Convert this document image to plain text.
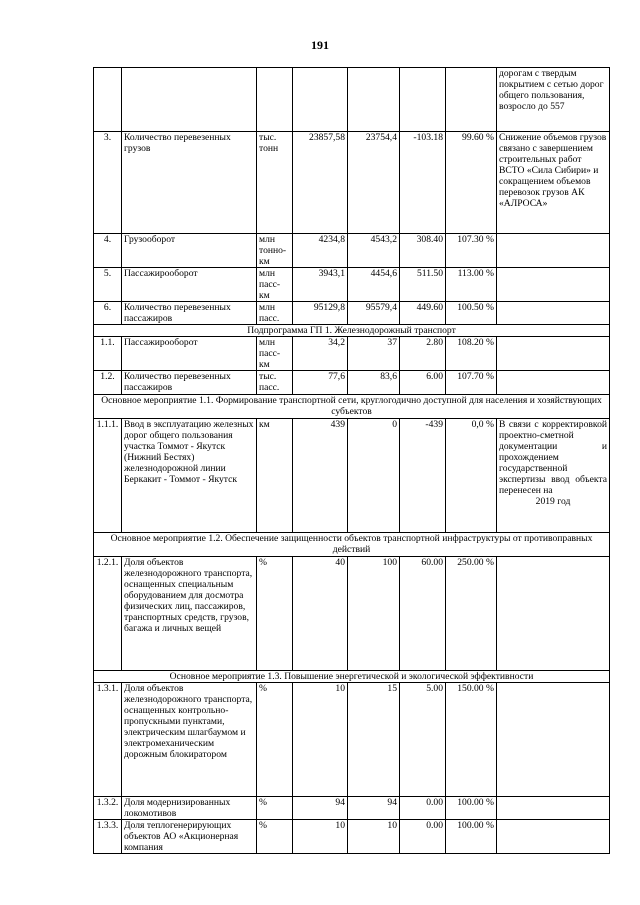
191
							дорогам с твердым покрытием с сетью дорог общего пользования, возросло до 557
3.	Количество перевезенных грузов	тыс. тонн	23857,58	23754,4	-103.18	99.60 %	Снижение объемов грузов связано с завершением строительных работ ВСТО «Сила Сибири» и сокращением объемов перевозок грузов АК «АЛРОСА»
4.	Грузооборот	млн тонно-км	4234,8	4543,2	308.40	107.30 %	
5.	Пассажирооборот	млн пасс-км	3943,1	4454,6	511.50	113.00 %	
6.	Количество перевезенных пассажиров	млн пасс.	95129,8	95579,4	449.60	100.50 %	
Подпрограмма ГП 1. Железнодорожный транспорт							
1.1.	Пассажирооборот	млн пасс-км	34,2	37	2.80	108.20 %	
1.2.	Количество перевезенных пассажиров	тыс. пасс.	77,6	83,6	6.00	107.70 %	
Основное мероприятие 1.1. Формирование транспортной сети, круглогодично доступной для населения и хозяйствующих субъектов							
1.1.1.	Ввод в эксплуатацию железных дорог общего пользования участка Томмот - Якутск (Нижний Бестях) железнодорожной линии Беркакит - Томмот - Якутск	км	439	0	-439	0,0 %	В связи с корректировкой проектно-сметной документации и прохождением государственной экспертизы ввод объекта перенесен на
2019 год

Основное мероприятие 1.2. Обеспечение защищенности объектов транспортной инфраструктуры от противоправных действий							
1.2.1.	Доля объектов железнодорожного транспорта, оснащенных специальным оборудованием для досмотра физических лиц, пассажиров, транспортных средств, грузов, багажа и личных вещей	%	40	100	60.00	250.00 %	
Основное мероприятие 1.3. Повышение энергетической и экологической эффективности							
1.3.1.	Доля объектов железнодорожного транспорта, оснащенных контрольно-пропускными пунктами, электрическим шлагбаумом и электромеханическим дорожным блокиратором	%	10	15	5.00	150.00 %	
1.3.2.	Доля модернизированных локомотивов	%	94	94	0.00	100.00 %	
1.3.3.	Доля теплогенерирующих объектов АО «Акционерная компания	%	10	10	0.00	100.00 %	
